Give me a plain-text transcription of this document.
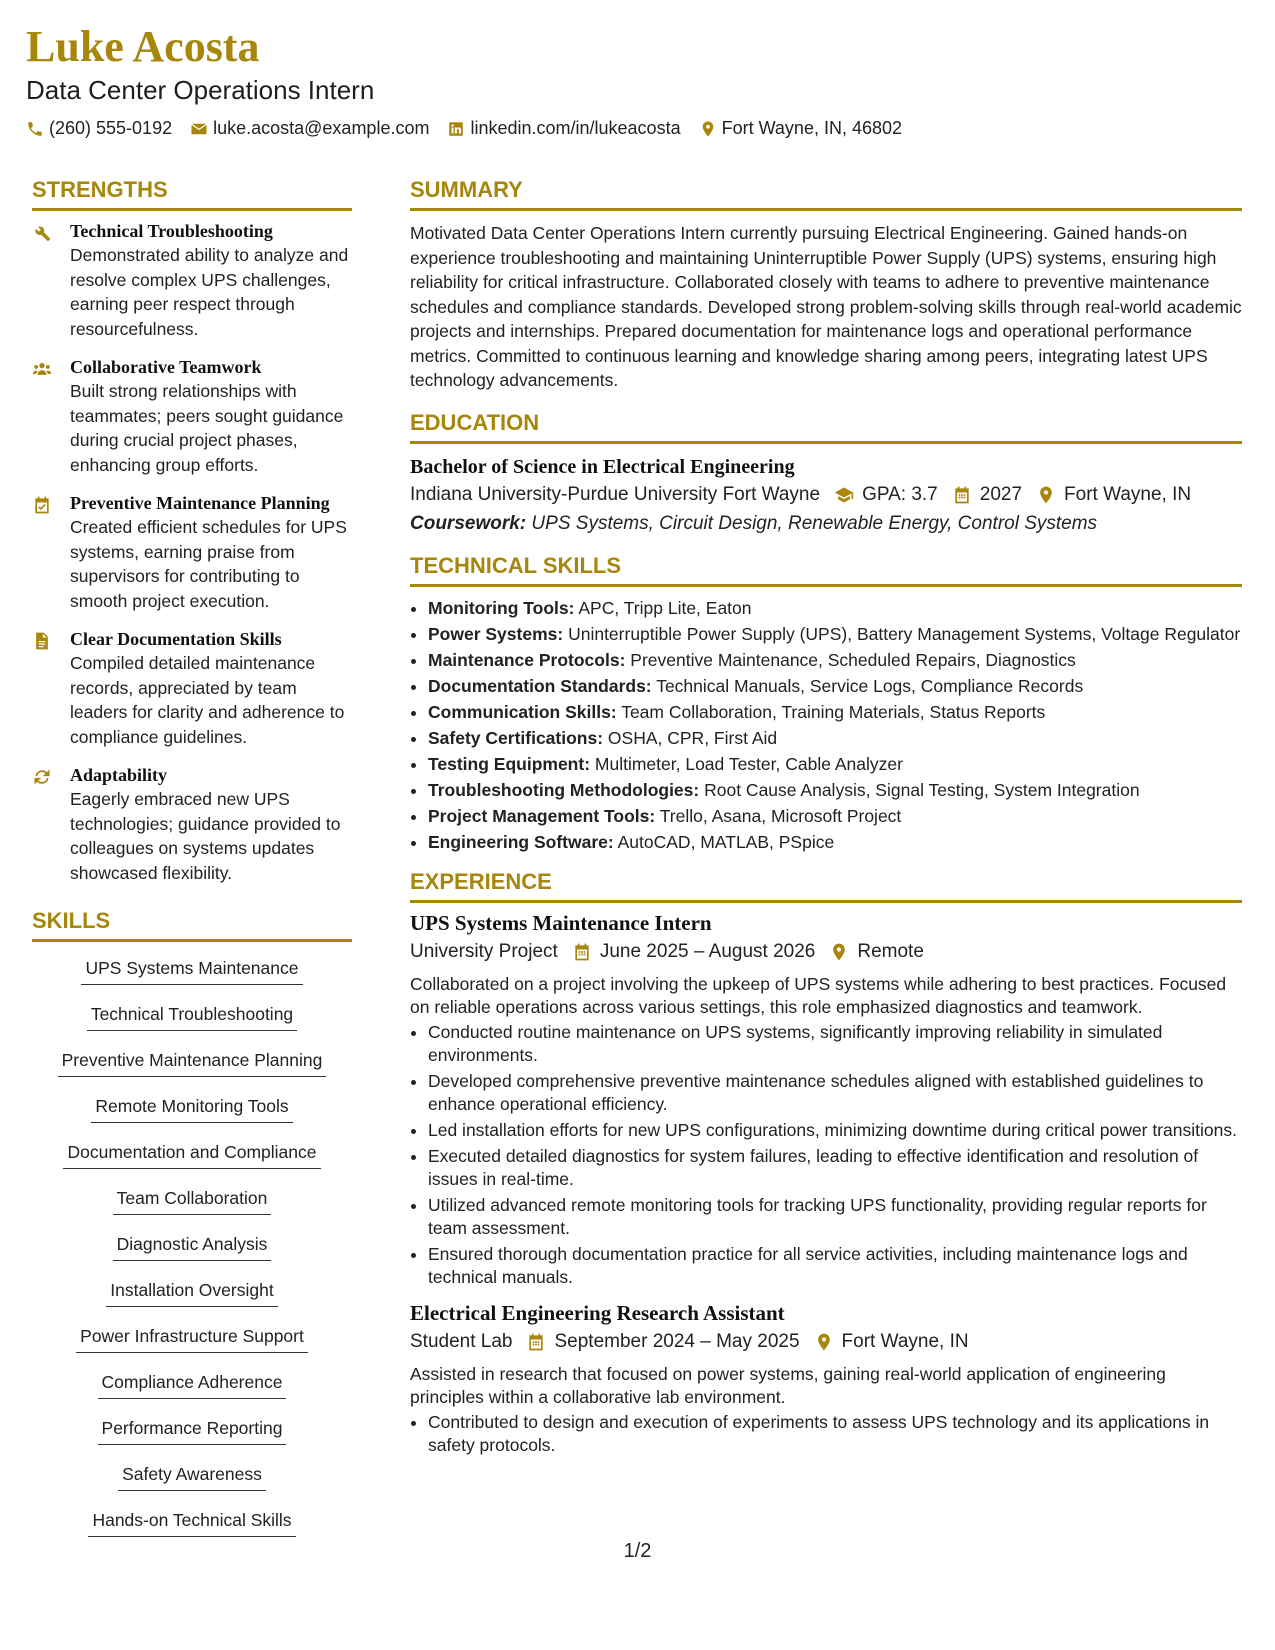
Luke Acosta
Data Center Operations Intern
(260) 555-0192 luke.acosta@example.com linkedin.com/in/lukeacosta Fort Wayne, IN, 46802
STRENGTHS
Technical Troubleshooting
Demonstrated ability to analyze and resolve complex UPS challenges, earning peer respect through resourcefulness.
Collaborative Teamwork
Built strong relationships with teammates; peers sought guidance during crucial project phases, enhancing group efforts.
Preventive Maintenance Planning
Created efficient schedules for UPS systems, earning praise from supervisors for contributing to smooth project execution.
Clear Documentation Skills
Compiled detailed maintenance records, appreciated by team leaders for clarity and adherence to compliance guidelines.
Adaptability
Eagerly embraced new UPS technologies; guidance provided to colleagues on systems updates showcased flexibility.
SKILLS
UPS Systems Maintenance
Technical Troubleshooting
Preventive Maintenance Planning
Remote Monitoring Tools
Documentation and Compliance
Team Collaboration
Diagnostic Analysis
Installation Oversight
Power Infrastructure Support
Compliance Adherence
Performance Reporting
Safety Awareness
Hands-on Technical Skills
SUMMARY

Motivated Data Center Operations Intern currently pursuing Electrical Engineering. Gained hands-on experience troubleshooting and maintaining Uninterruptible Power Supply (UPS) systems, ensuring high reliability for critical infrastructure. Collaborated closely with teams to adhere to preventive maintenance schedules and compliance standards. Developed strong problem-solving skills through real-world academic projects and internships. Prepared documentation for maintenance logs and operational performance metrics. Committed to continuous learning and knowledge sharing among peers, integrating latest UPS technology advancements.

EDUCATION
Bachelor of Science in Electrical Engineering
Indiana University-Purdue University Fort Wayne GPA: 3.7 2027 Fort Wayne, IN
Coursework: UPS Systems, Circuit Design, Renewable Energy, Control Systems
TECHNICAL SKILLS
• Monitoring Tools: APC, Tripp Lite, Eaton
• Power Systems: Uninterruptible Power Supply (UPS), Battery Management Systems, Voltage Regulator
• Maintenance Protocols: Preventive Maintenance, Scheduled Repairs, Diagnostics
• Documentation Standards: Technical Manuals, Service Logs, Compliance Records
• Communication Skills: Team Collaboration, Training Materials, Status Reports
• Safety Certifications: OSHA, CPR, First Aid
• Testing Equipment: Multimeter, Load Tester, Cable Analyzer
• Troubleshooting Methodologies: Root Cause Analysis, Signal Testing, System Integration
• Project Management Tools: Trello, Asana, Microsoft Project
• Engineering Software: AutoCAD, MATLAB, PSpice
EXPERIENCE
UPS Systems Maintenance Intern
University Project June 2025 – August 2026 Remote

Collaborated on a project involving the upkeep of UPS systems while adhering to best practices. Focused on reliable operations across various settings, this role emphasized diagnostics and teamwork.

• Conducted routine maintenance on UPS systems, significantly improving reliability in simulated environments.
• Developed comprehensive preventive maintenance schedules aligned with established guidelines to enhance operational efficiency.
• Led installation efforts for new UPS configurations, minimizing downtime during critical power transitions.
• Executed detailed diagnostics for system failures, leading to effective identification and resolution of issues in real-time.
• Utilized advanced remote monitoring tools for tracking UPS functionality, providing regular reports for team assessment.
• Ensured thorough documentation practice for all service activities, including maintenance logs and technical manuals.
Electrical Engineering Research Assistant
Student Lab September 2024 – May 2025 Fort Wayne, IN

Assisted in research that focused on power systems, gaining real-world application of engineering principles within a collaborative lab environment.

• Contributed to design and execution of experiments to assess UPS technology and its applications in safety protocols.
1/2
